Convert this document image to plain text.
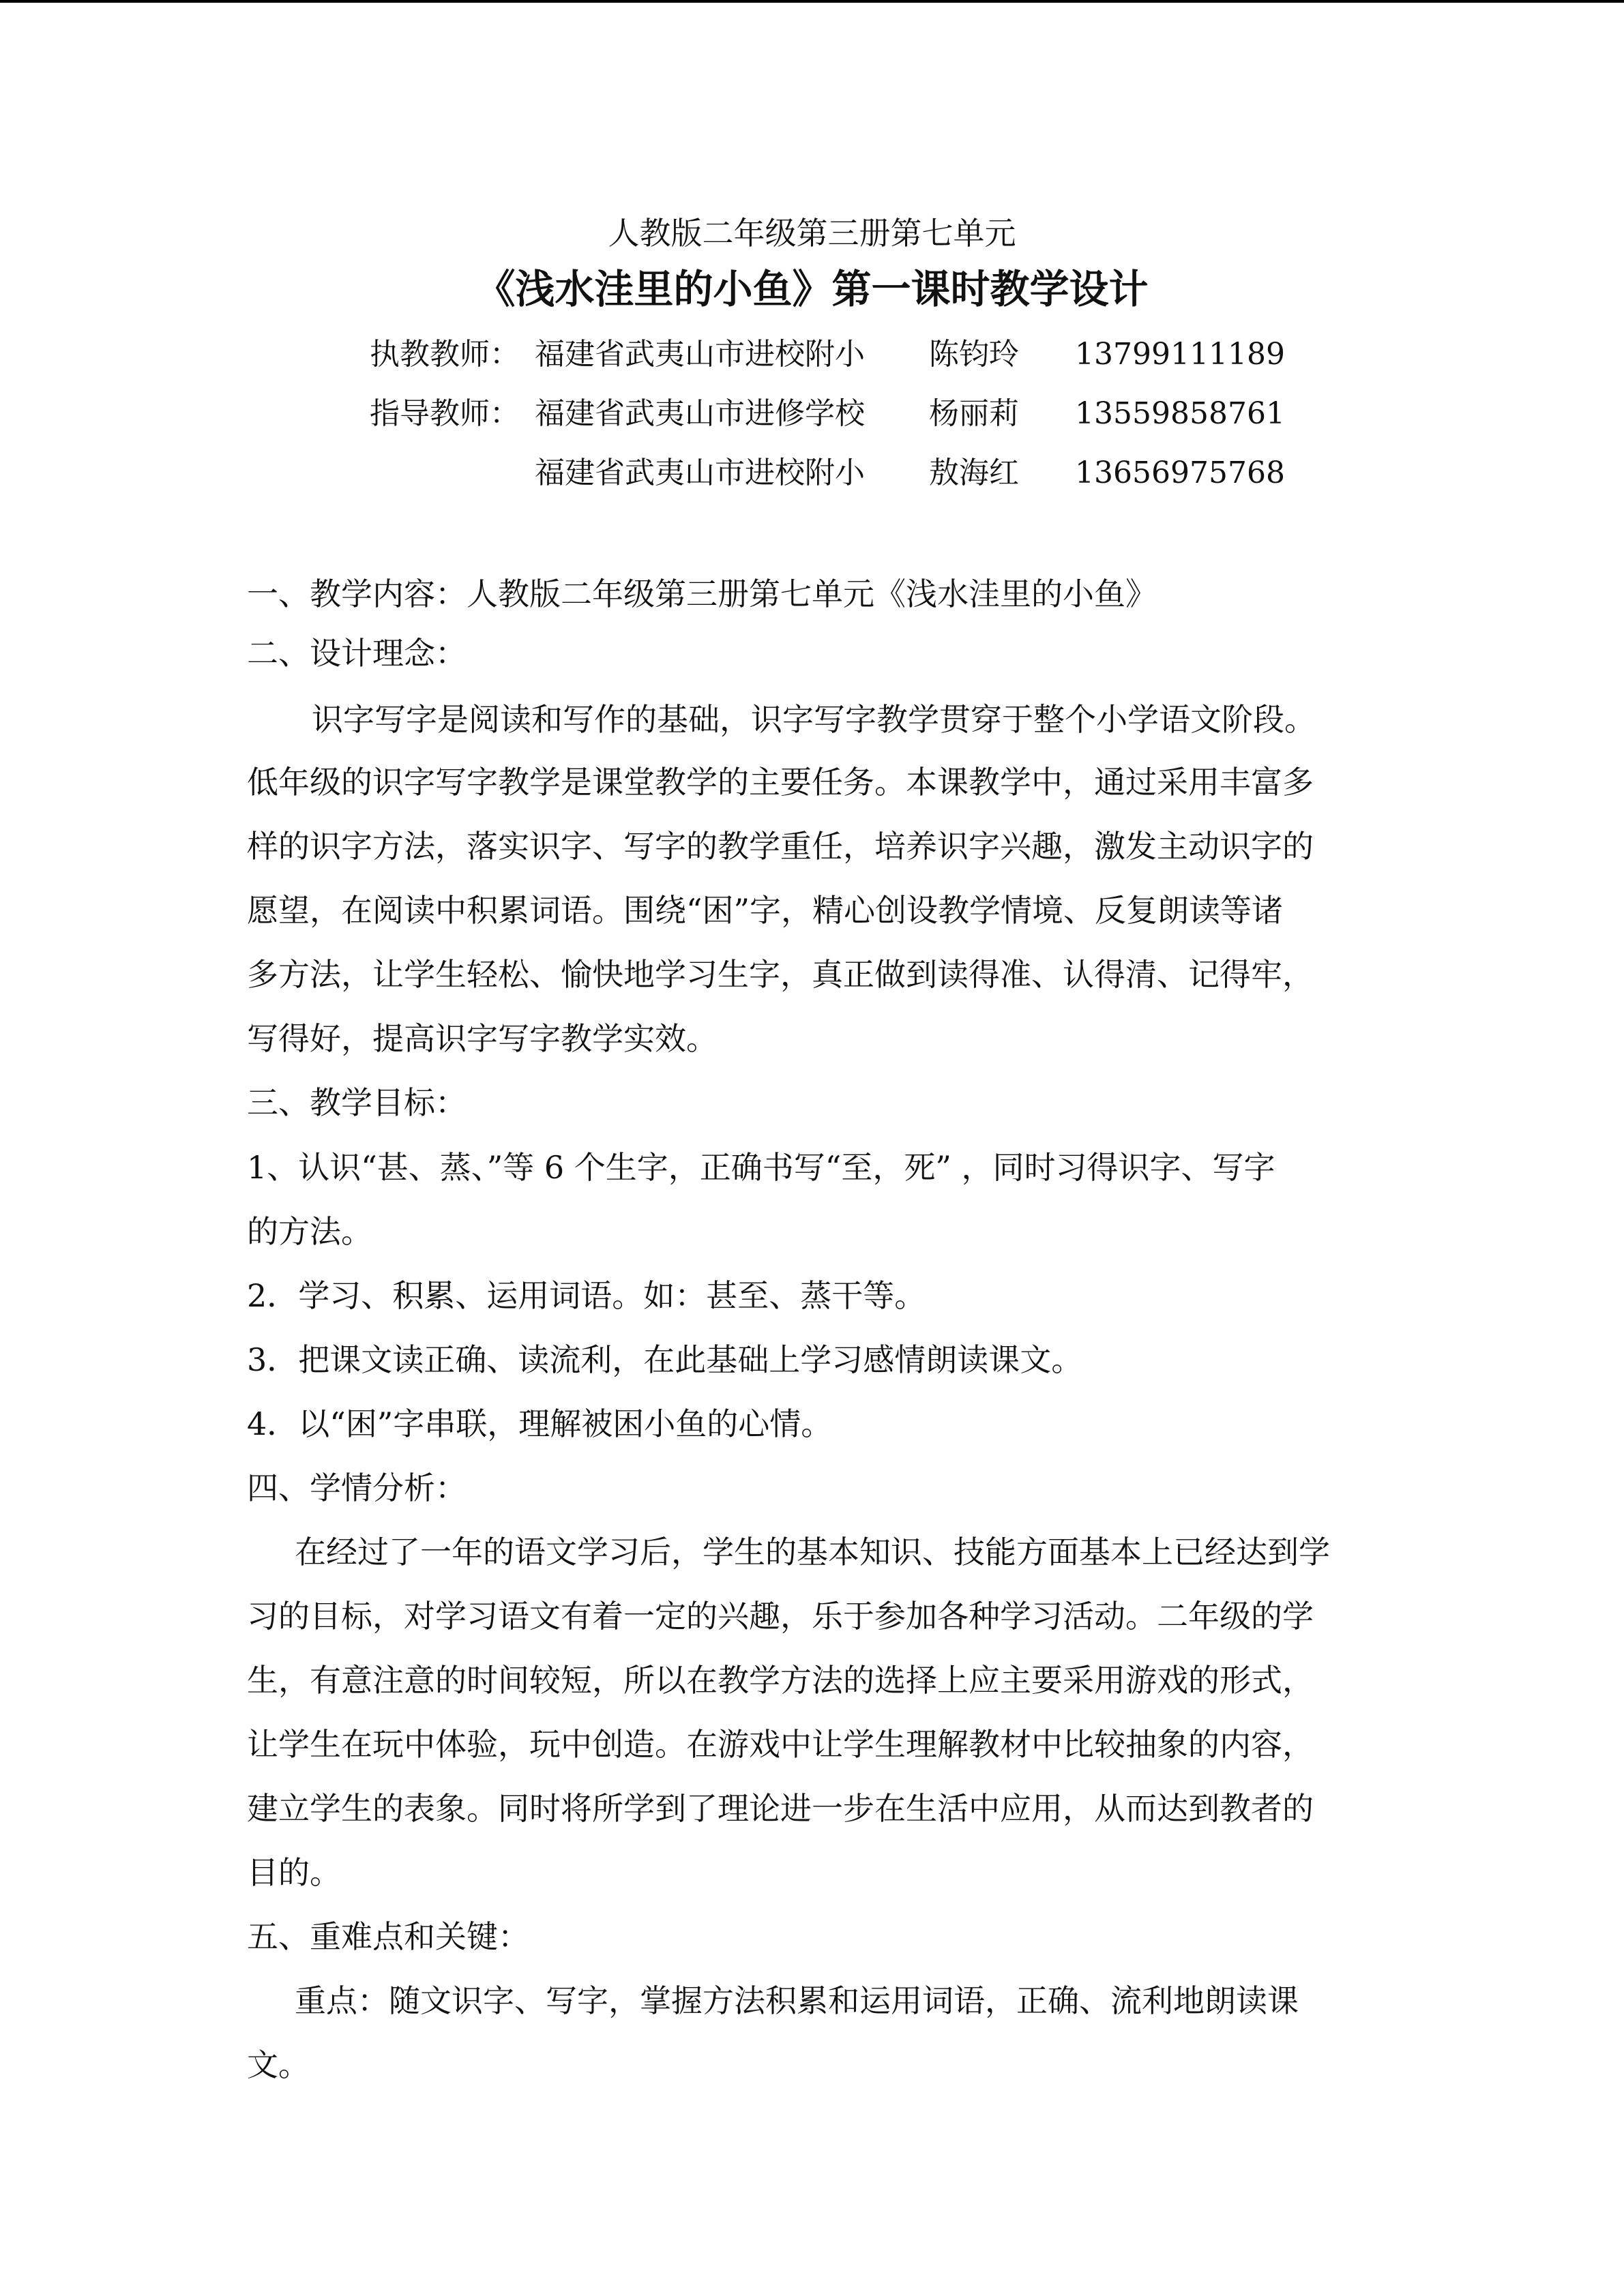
人教版二年级第三册第七单元
《浅水洼里的小鱼》第一课时教学设计
执教教师： 福建省武夷山市进校附小 陈钧玲 13799111189
指导教师： 福建省武夷山市进修学校 杨丽莉 13559858761
福建省武夷山市进校附小 敖海红 13656975768
一、教学内容：人教版二年级第三册第七单元《浅水洼里的小鱼》
二、设计理念：
识字写字是阅读和写作的基础，识字写字教学贯穿于整个小学语文阶段。
低年级的识字写字教学是课堂教学的主要任务。本课教学中，通过采用丰富多
样的识字方法，落实识字、写字的教学重任，培养识字兴趣，激发主动识字的
愿望，在阅读中积累词语。围绕“困”字，精心创设教学情境、反复朗读等诸
多方法，让学生轻松、愉快地学习生字，真正做到读得准、认得清、记得牢，
写得好，提高识字写字教学实效。
三、教学目标：
1、认识“甚、蒸、”等 6 个生字，正确书写“至，死” ，同时习得识字、写字
的方法。
2．学习、积累、运用词语。如：甚至、蒸干等。
3．把课文读正确、读流利，在此基础上学习感情朗读课文。
4．以“困”字串联，理解被困小鱼的心情。
四、学情分析：
在经过了一年的语文学习后，学生的基本知识、技能方面基本上已经达到学
习的目标，对学习语文有着一定的兴趣，乐于参加各种学习活动。二年级的学
生，有意注意的时间较短，所以在教学方法的选择上应主要采用游戏的形式，
让学生在玩中体验，玩中创造。在游戏中让学生理解教材中比较抽象的内容，
建立学生的表象。同时将所学到了理论进一步在生活中应用，从而达到教者的
目的。
五、重难点和关键：
重点：随文识字、写字，掌握方法积累和运用词语，正确、流利地朗读课
文。
